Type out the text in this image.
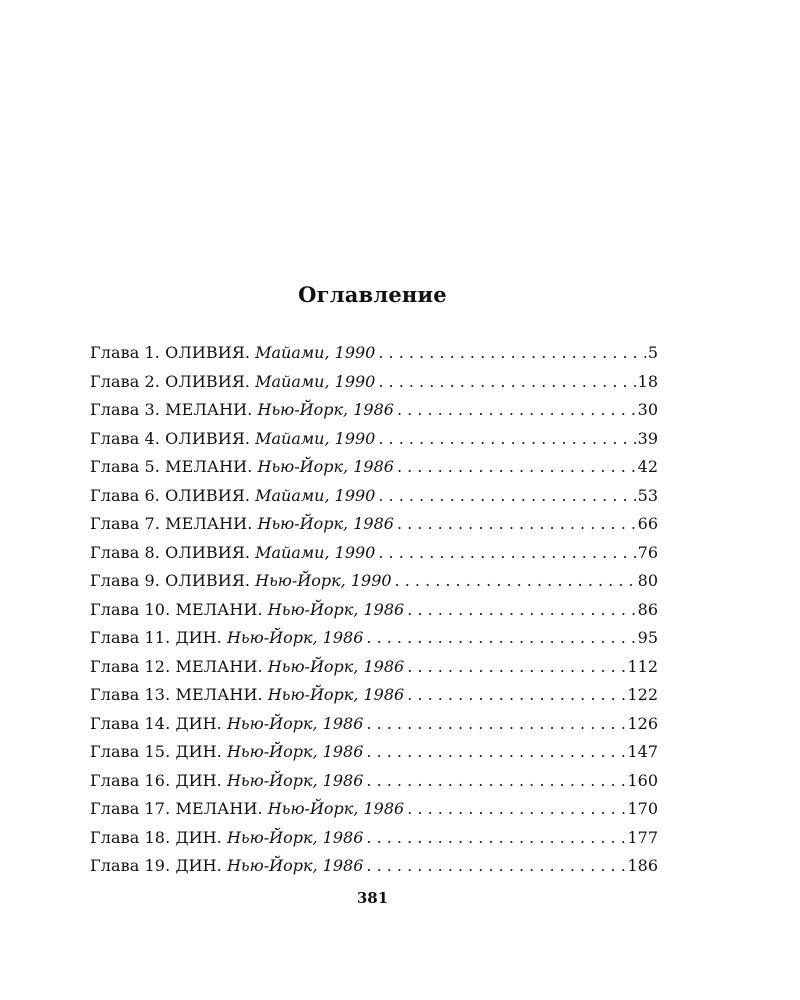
Оглавление
Глава 1. ОЛИВИЯ. Майами, 1990 . . .	5
Глава 2. ОЛИВИЯ. Майами, 1990 . . .	18
Глава 3. МЕЛАНИ. Нью-Йорк, 1986 . . .	30
Глава 4. ОЛИВИЯ. Майами, 1990 . . .	39
Глава 5. МЕЛАНИ. Нью-Йорк, 1986 . . .	42
Глава 6. ОЛИВИЯ. Майами, 1990 . . .	53
Глава 7. МЕЛАНИ. Нью-Йорк, 1986 . . .	66
Глава 8. ОЛИВИЯ. Майами, 1990 . . .	76
Глава 9. ОЛИВИЯ. Нью-Йорк, 1990 . . .	80
Глава 10. МЕЛАНИ. Нью-Йорк, 1986 . . .	86
Глава 11. ДИН. Нью-Йорк, 1986 . . .	95
Глава 12. МЕЛАНИ. Нью-Йорк, 1986 . . .	112
Глава 13. МЕЛАНИ. Нью-Йорк, 1986 . . .	122
Глава 14. ДИН. Нью-Йорк, 1986 . . .	126
Глава 15. ДИН. Нью-Йорк, 1986 . . .	147
Глава 16. ДИН. Нью-Йорк, 1986 . . .	160
Глава 17. МЕЛАНИ. Нью-Йорк, 1986 . . .	170
Глава 18. ДИН. Нью-Йорк, 1986 . . .	177
Глава 19. ДИН. Нью-Йорк, 1986 . . .	186
381
